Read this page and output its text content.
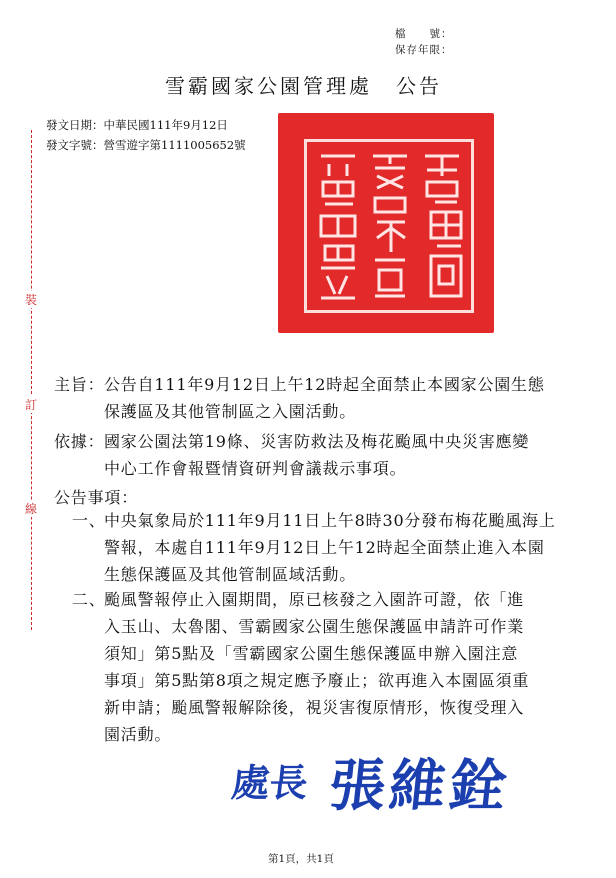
檔　　號：
保存年限：
雪霸國家公園管理處 公告
發文日期：中華民國111年9月12日
發文字號：營雪遊字第1111005652號
裝
訂
線
主旨： 公告自111年9月12日上午12時起全面禁止本國家公園生態
保護區及其他管制區之入園活動。
依據： 國家公園法第19條、災害防救法及梅花颱風中央災害應變
中心工作會報暨情資研判會議裁示事項。
公告事項：
一、
中央氣象局於111年9月11日上午8時30分發布梅花颱風海上
警報，本處自111年9月12日上午12時起全面禁止進入本園
生態保護區及其他管制區域活動。
二、
颱風警報停止入園期間，原已核發之入園許可證，依「進
入玉山、太魯閣、雪霸國家公園生態保護區申請許可作業
須知」第5點及「雪霸國家公園生態保護區申辦入園注意
事項」第5點第8項之規定應予廢止；欲再進入本園區須重
新申請；颱風警報解除後，視災害復原情形，恢復受理入
園活動。
處長 張維銓
第1頁，共1頁
